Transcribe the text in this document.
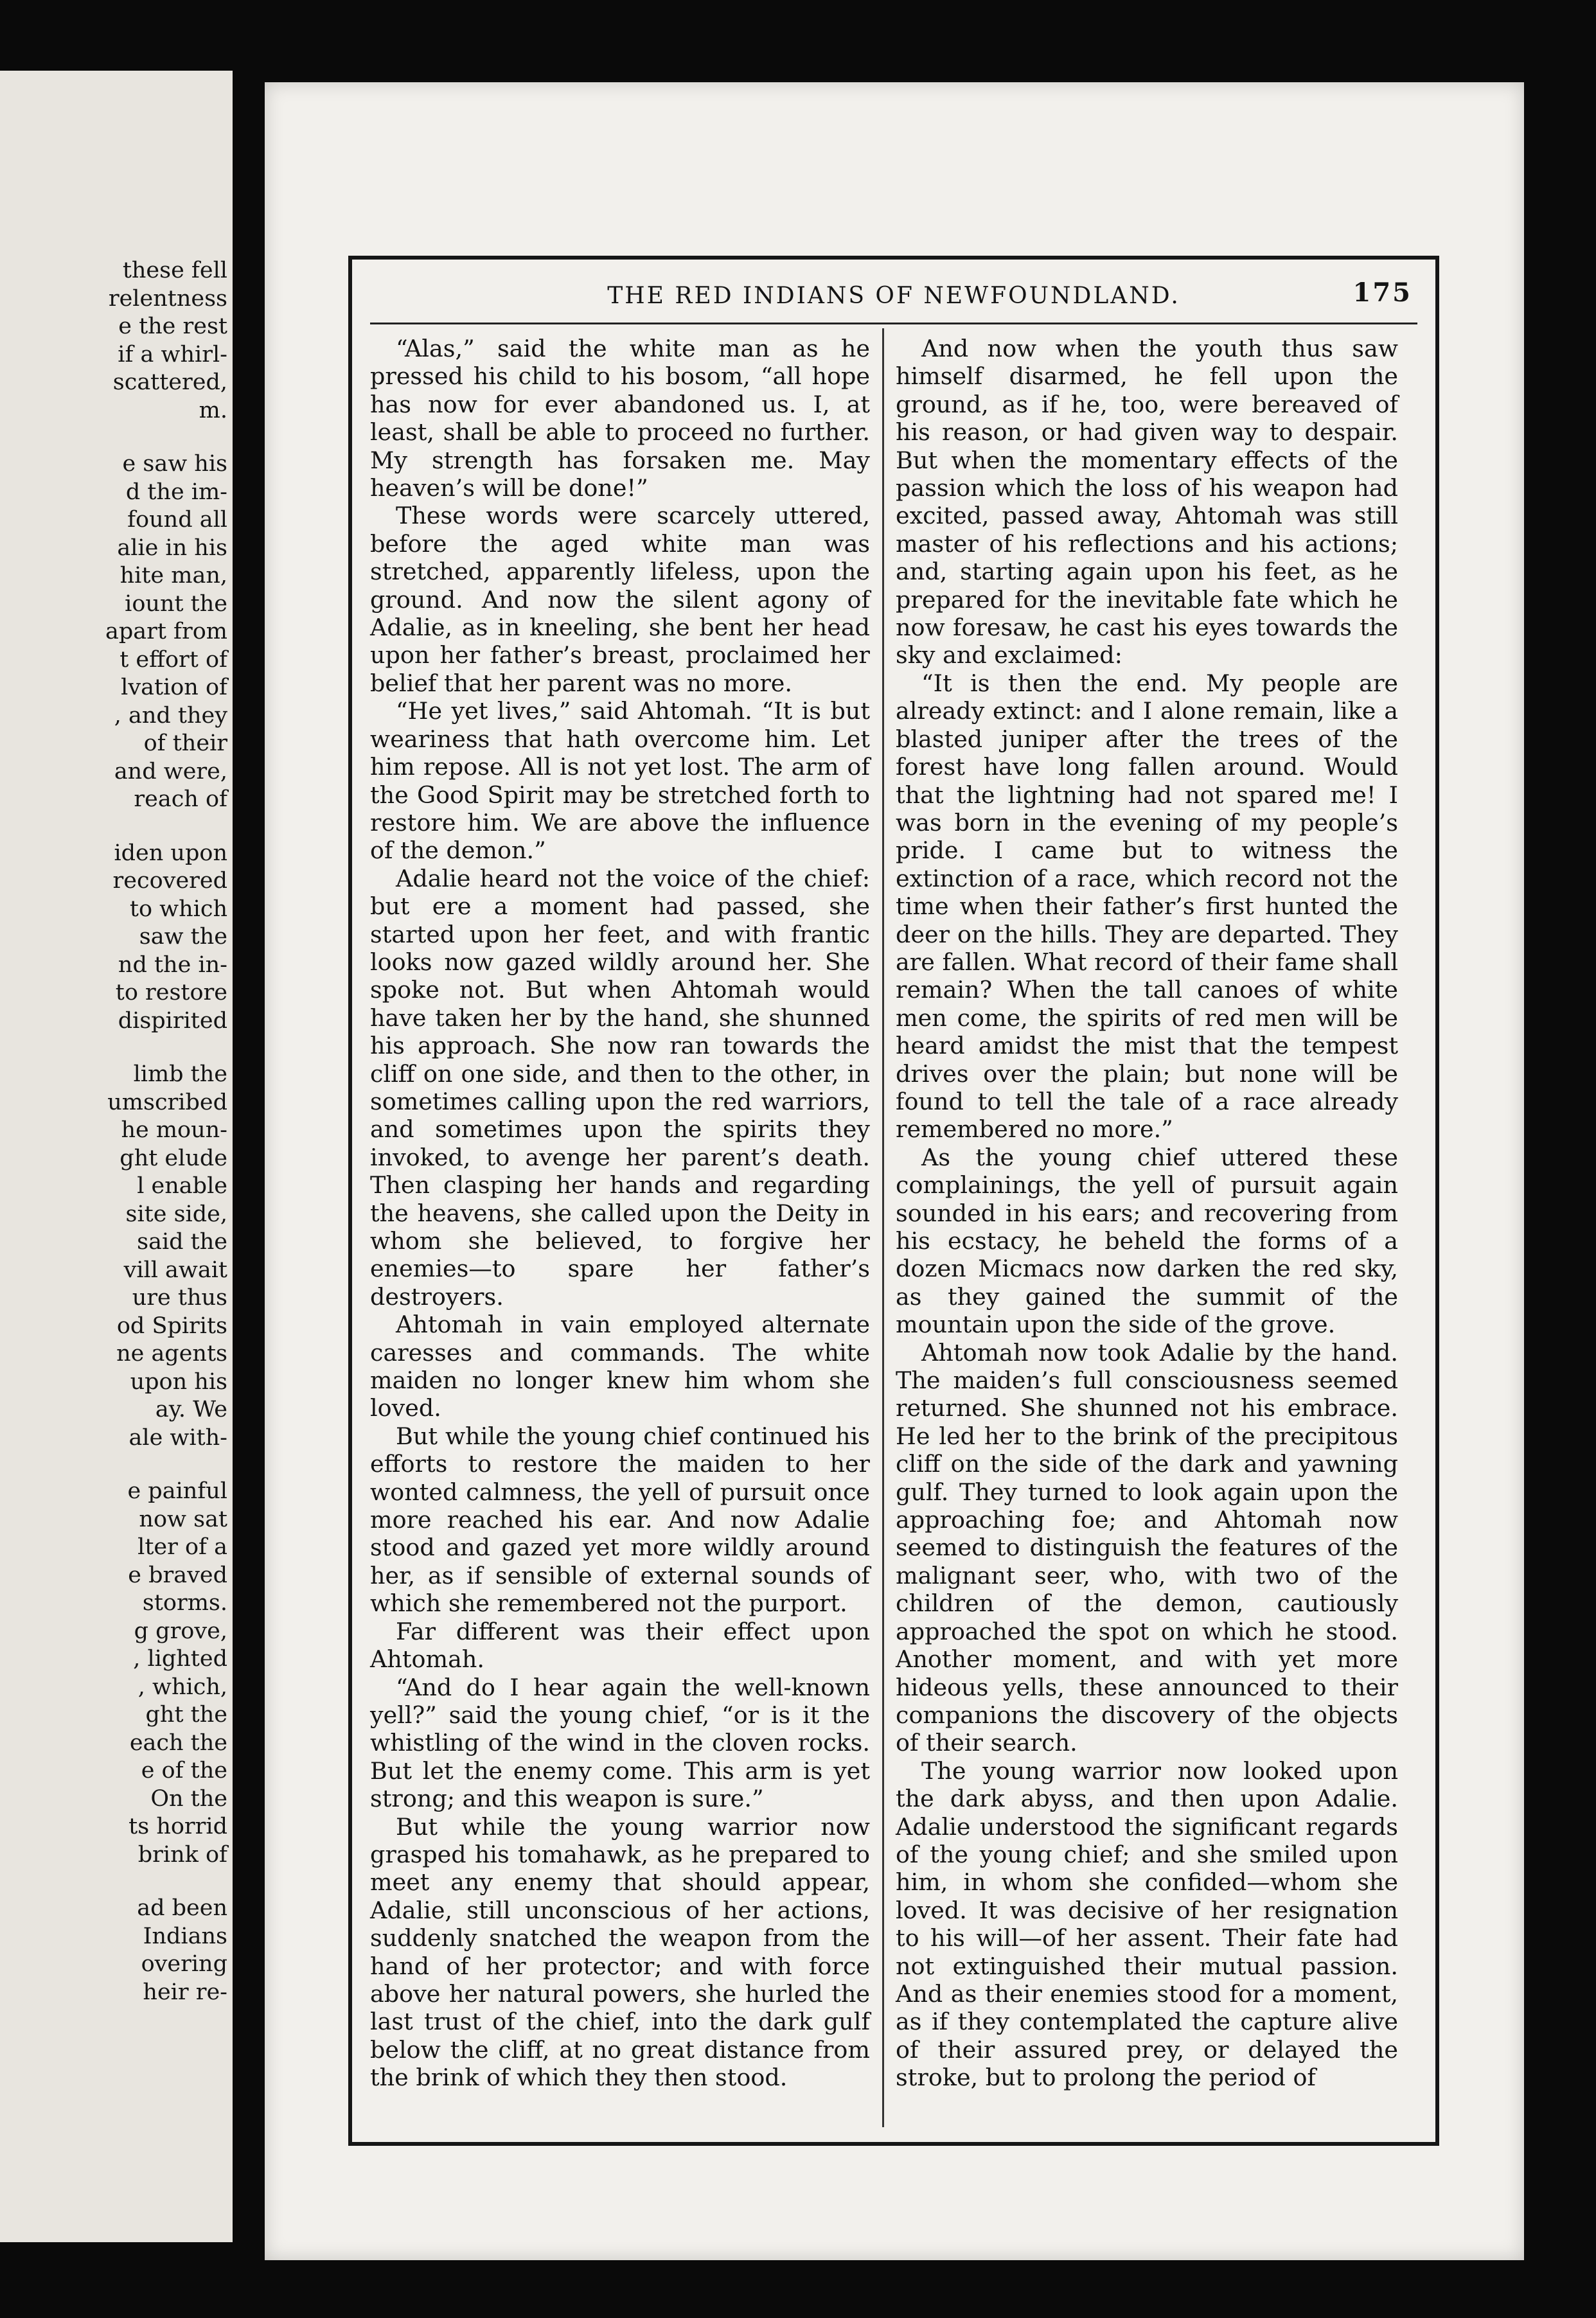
these fell
relentness
e the rest
if a whirl-
scattered,
m.
e saw his
d the im-
found all
alie in his
hite man,
iount the
apart from
t effort of
lvation of
, and they
of their
and were,
reach of
iden upon
recovered
to which
saw the
nd the in-
to restore
dispirited
limb the
umscribed
he moun-
ght elude
l enable
site side,
said the
vill await
ure thus
od Spirits
ne agents
upon his
ay. We
ale with-
e painful
now sat
lter of a
e braved
storms.
g grove,
, lighted
, which,
ght the
each the
e of the
On the
ts horrid
brink of
ad been
Indians
overing
heir re-
THE RED INDIANS OF NEWFOUNDLAND.	175

“Alas,” said the white man as he pressed his child to his bosom, “all hope has now for ever abandoned us. I, at least, shall be able to proceed no further. My strength has forsaken me. May heaven’s will be done!”

These words were scarcely uttered, before the aged white man was stretched, apparently lifeless, upon the ground. And now the silent agony of Adalie, as in kneeling, she bent her head upon her father’s breast, proclaimed her belief that her parent was no more.

“He yet lives,” said Ahtomah. “It is but weariness that hath overcome him. Let him repose. All is not yet lost. The arm of the Good Spirit may be stretched forth to restore him. We are above the influence of the demon.”

Adalie heard not the voice of the chief: but ere a moment had passed, she started upon her feet, and with frantic looks now gazed wildly around her. She spoke not. But when Ahtomah would have taken her by the hand, she shunned his approach. She now ran towards the cliff on one side, and then to the other, in sometimes calling upon the red warriors, and sometimes upon the spirits they invoked, to avenge her parent’s death. Then clasping her hands and regarding the heavens, she called upon the Deity in whom she believed, to forgive her enemies—to spare her father’s destroyers.

Ahtomah in vain employed alternate caresses and commands. The white maiden no longer knew him whom she loved.

But while the young chief continued his efforts to restore the maiden to her wonted calmness, the yell of pursuit once more reached his ear. And now Adalie stood and gazed yet more wildly around her, as if sensible of external sounds of which she remembered not the purport.

Far different was their effect upon Ahtomah.

“And do I hear again the well-known yell?” said the young chief, “or is it the whistling of the wind in the cloven rocks. But let the enemy come. This arm is yet strong; and this weapon is sure.”

But while the young warrior now grasped his tomahawk, as he prepared to meet any enemy that should appear, Adalie, still unconscious of her actions, suddenly snatched the weapon from the hand of her protector; and with force above her natural powers, she hurled the last trust of the chief, into the dark gulf below the cliff, at no great distance from the brink of which they then stood.

And now when the youth thus saw himself disarmed, he fell upon the ground, as if he, too, were bereaved of his reason, or had given way to despair. But when the momentary effects of the passion which the loss of his weapon had excited, passed away, Ahtomah was still master of his reflections and his actions; and, starting again upon his feet, as he prepared for the inevitable fate which he now foresaw, he cast his eyes towards the sky and exclaimed:

“It is then the end. My people are already extinct: and I alone remain, like a blasted juniper after the trees of the forest have long fallen around. Would that the lightning had not spared me! I was born in the evening of my people’s pride. I came but to witness the extinction of a race, which record not the time when their father’s first hunted the deer on the hills. They are departed. They are fallen. What record of their fame shall remain? When the tall canoes of white men come, the spirits of red men will be heard amidst the mist that the tempest drives over the plain; but none will be found to tell the tale of a race already remembered no more.”

As the young chief uttered these complainings, the yell of pursuit again sounded in his ears; and recovering from his ecstacy, he beheld the forms of a dozen Micmacs now darken the red sky, as they gained the summit of the mountain upon the side of the grove.

Ahtomah now took Adalie by the hand. The maiden’s full consciousness seemed returned. She shunned not his embrace. He led her to the brink of the precipitous cliff on the side of the dark and yawning gulf. They turned to look again upon the approaching foe; and Ahtomah now seemed to distinguish the features of the malignant seer, who, with two of the children of the demon, cautiously approached the spot on which he stood. Another moment, and with yet more hideous yells, these announced to their companions the discovery of the objects of their search.

The young warrior now looked upon the dark abyss, and then upon Adalie. Adalie understood the significant regards of the young chief; and she smiled upon him, in whom she confided—whom she loved. It was decisive of her resignation to his will—of her assent. Their fate had not extinguished their mutual passion. And as their enemies stood for a moment, as if they contemplated the capture alive of their assured prey, or delayed the stroke, but to prolong the period of
